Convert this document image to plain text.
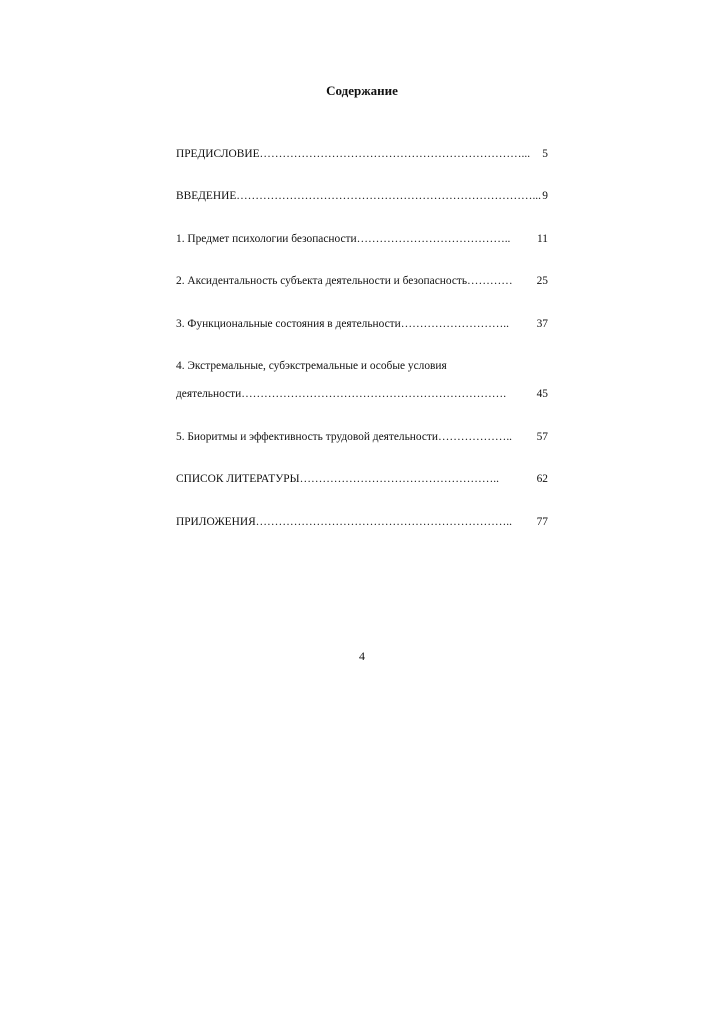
Содержание
ПРЕДИСЛОВИЕ……………………………………………………………...	5
ВВЕДЕНИЕ……………………………………………………………………... 9
1. Предмет психологии безопасности…………………………………..	11
2. Аксидентальность субъекта деятельности и безопасность…………	25
3. Функциональные состояния в деятельности………………………..	37
4. Экстремальные, субэкстремальные и особые условия
деятельности…………………………………………………………….	45
5. Биоритмы и эффективность трудовой деятельности………………..	57
СПИСОК ЛИТЕРАТУРЫ……………………………………………..	62
ПРИЛОЖЕНИЯ…………………………………………………………..	77
4
